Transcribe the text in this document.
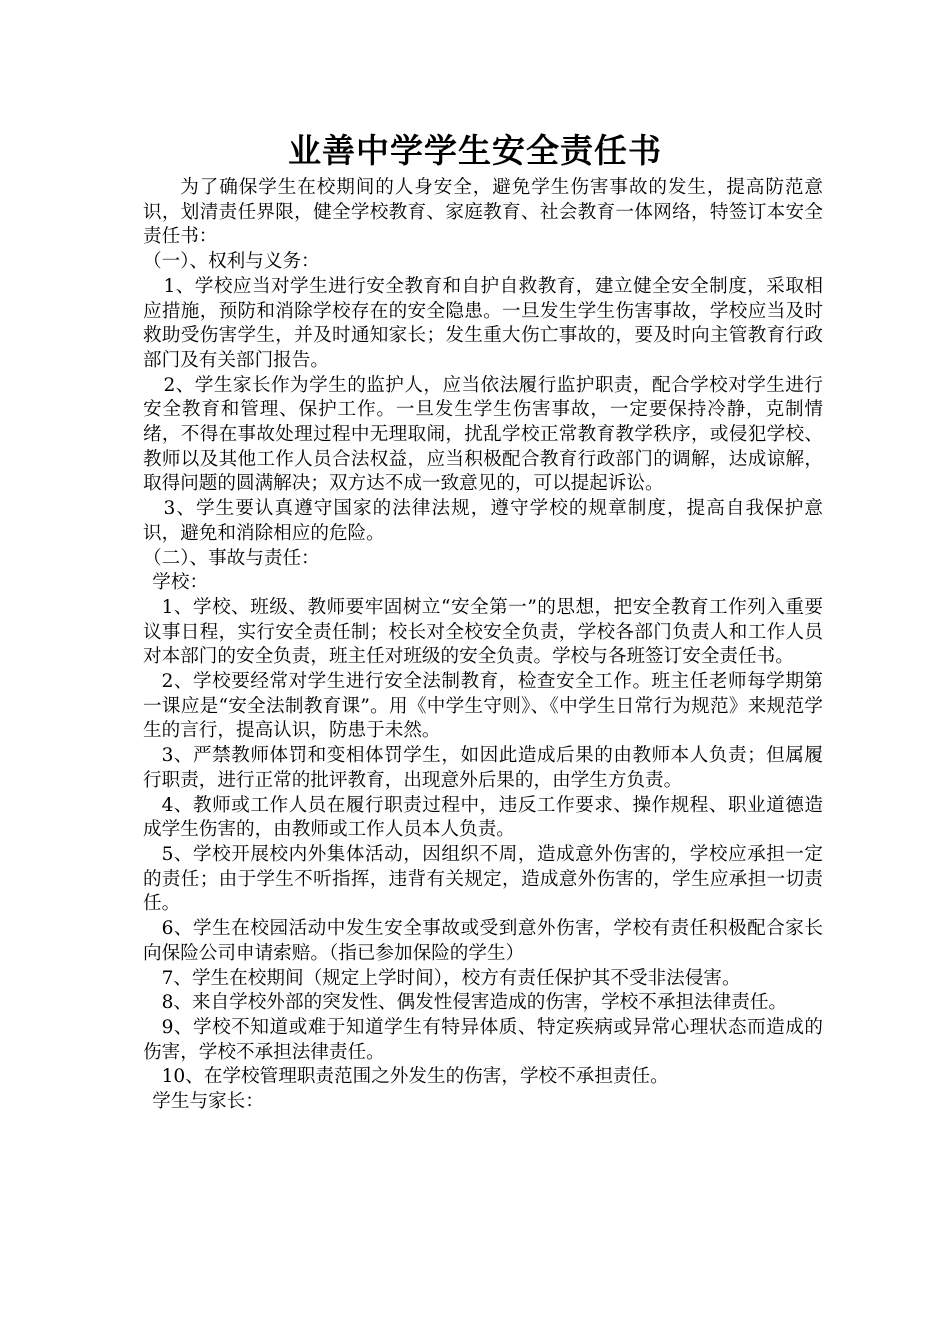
业善中学学生安全责任书

为了确保学生在校期间的人身安全，避免学生伤害事故的发生，提高防范意识，划清责任界限，健全学校教育、家庭教育、社会教育一体网络，特签订本安全责任书：

（一）、权利与义务：

1、学校应当对学生进行安全教育和自护自救教育，建立健全安全制度，采取相应措施，预防和消除学校存在的安全隐患。一旦发生学生伤害事故，学校应当及时救助受伤害学生，并及时通知家长；发生重大伤亡事故的，要及时向主管教育行政部门及有关部门报告。

2、学生家长作为学生的监护人，应当依法履行监护职责，配合学校对学生进行安全教育和管理、保护工作。一旦发生学生伤害事故，一定要保持冷静，克制情绪，不得在事故处理过程中无理取闹，扰乱学校正常教育教学秩序，或侵犯学校、教师以及其他工作人员合法权益，应当积极配合教育行政部门的调解，达成谅解，取得问题的圆满解决；双方达不成一致意见的，可以提起诉讼。

3、学生要认真遵守国家的法律法规，遵守学校的规章制度，提高自我保护意识，避免和消除相应的危险。

（二）、事故与责任：

学校：

1、学校、班级、教师要牢固树立“安全第一”的思想，把安全教育工作列入重要议事日程，实行安全责任制；校长对全校安全负责，学校各部门负责人和工作人员对本部门的安全负责，班主任对班级的安全负责。学校与各班签订安全责任书。

2、学校要经常对学生进行安全法制教育，检查安全工作。班主任老师每学期第一课应是“安全法制教育课”。用《中学生守则》、《中学生日常行为规范》来规范学生的言行，提高认识，防患于未然。

3、严禁教师体罚和变相体罚学生，如因此造成后果的由教师本人负责；但属履行职责，进行正常的批评教育，出现意外后果的，由学生方负责。

4、教师或工作人员在履行职责过程中，违反工作要求、操作规程、职业道德造成学生伤害的，由教师或工作人员本人负责。

5、学校开展校内外集体活动，因组织不周，造成意外伤害的，学校应承担一定的责任；由于学生不听指挥，违背有关规定，造成意外伤害的，学生应承担一切责任。

6、学生在校园活动中发生安全事故或受到意外伤害，学校有责任积极配合家长向保险公司申请索赔。（指已参加保险的学生）

7、学生在校期间（规定上学时间），校方有责任保护其不受非法侵害。

8、来自学校外部的突发性、偶发性侵害造成的伤害，学校不承担法律责任。

9、学校不知道或难于知道学生有特异体质、特定疾病或异常心理状态而造成的伤害，学校不承担法律责任。

10、在学校管理职责范围之外发生的伤害，学校不承担责任。

学生与家长：
